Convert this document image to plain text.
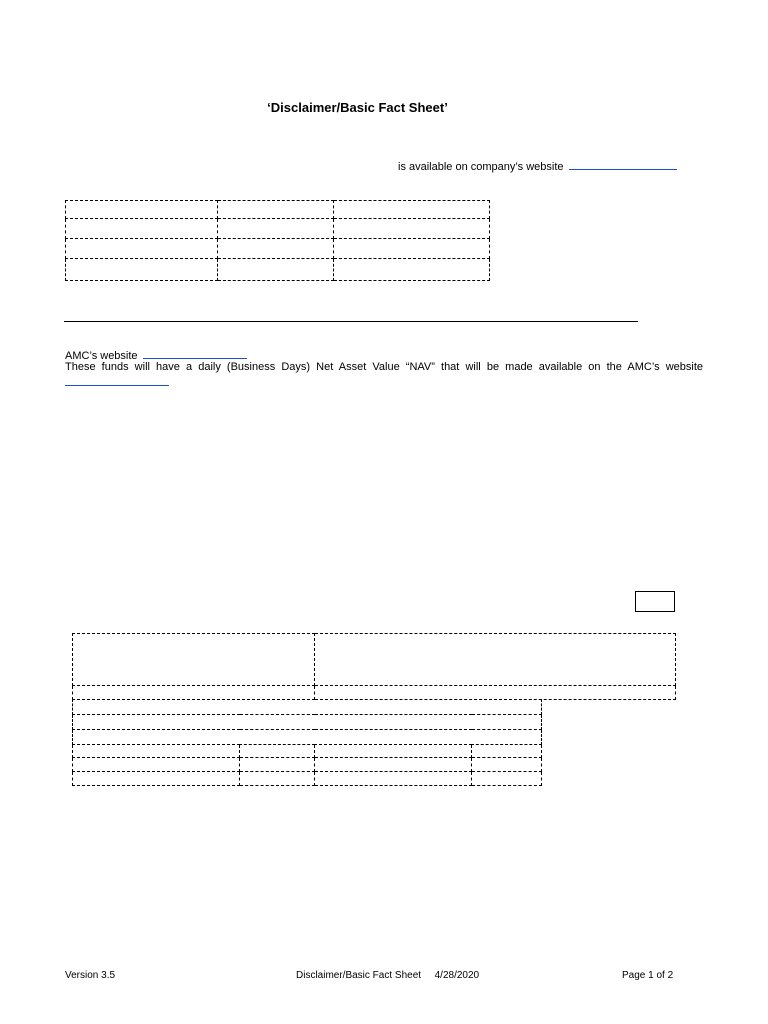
‘Disclaimer/Basic Fact Sheet’
is available on company’s website

AMC’s website
These funds will have a daily (Business Days) Net Asset Value “NAV” that will be made available on the AMC’s website

Version 3.5	Disclaimer/Basic Fact Sheet 4/28/2020	Page 1 of 2
